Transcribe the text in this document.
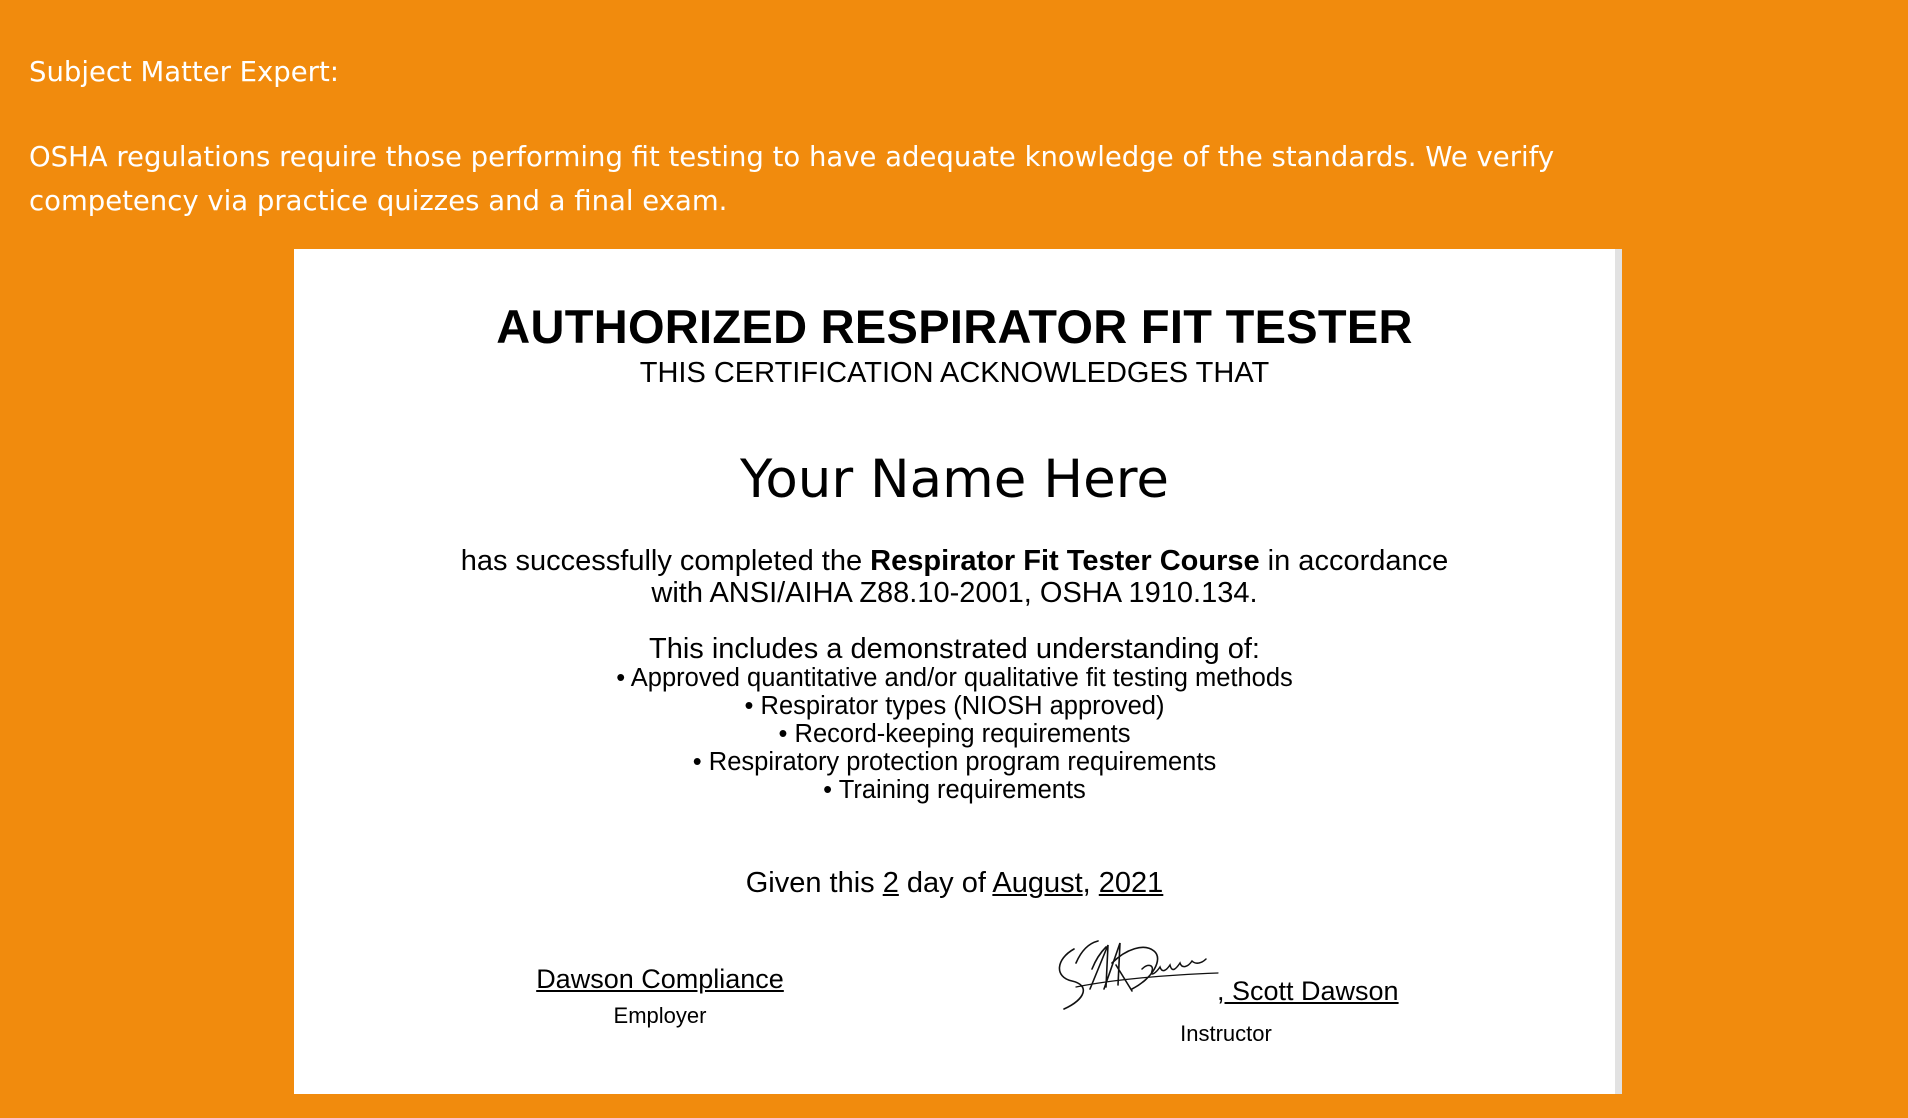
Subject Matter Expert:

OSHA regulations require those performing fit testing to have adequate knowledge of the standards. We verify

competency via practice quizzes and a final exam.

AUTHORIZED RESPIRATOR FIT TESTER
THIS CERTIFICATION ACKNOWLEDGES THAT
Your Name Here
has successfully completed the Respirator Fit Tester Course in accordance
with ANSI/AIHA Z88.10-2001, OSHA 1910.134.
This includes a demonstrated understanding of:
• Approved quantitative and/or qualitative fit testing methods
• Respirator types (NIOSH approved)
• Record-keeping requirements
• Respiratory protection program requirements
• Training requirements
Given this 2 day of August, 2021
Dawson Compliance
Employer
, Scott Dawson
Instructor
